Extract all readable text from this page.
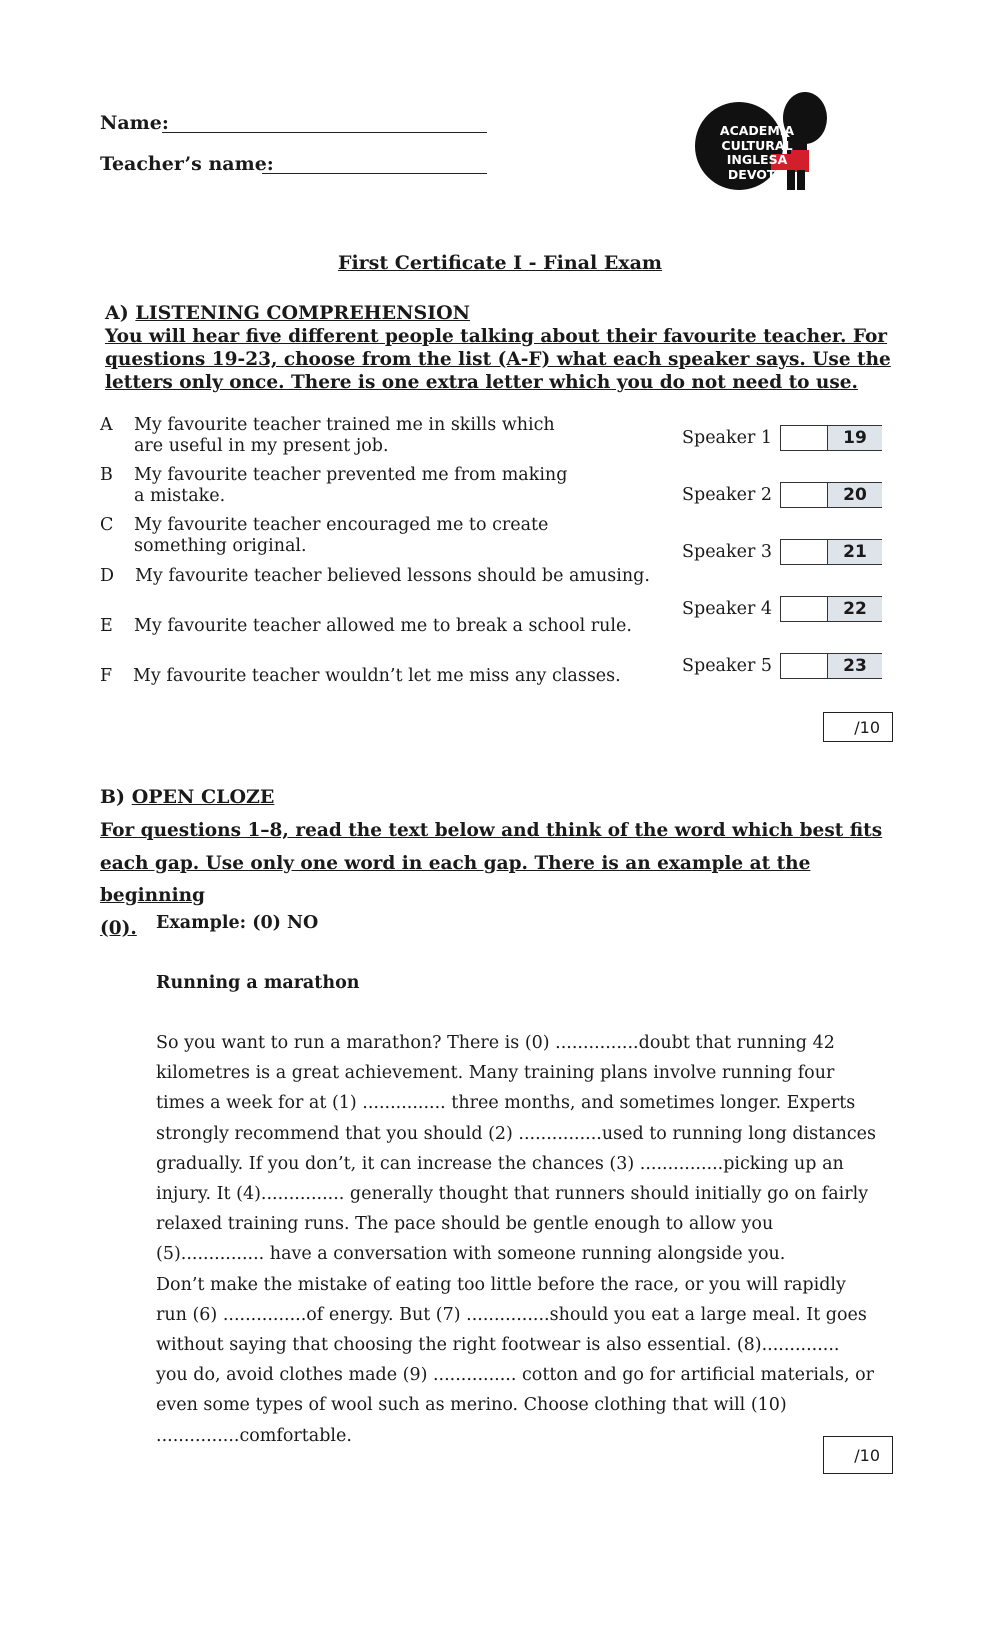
Name:
Teacher’s name:
ACADEMIA
CULTURAL
INGLESA
DEVOTO
First Certificate I - Final Exam
A) LISTENING COMPREHENSION
You will hear five different people talking about their favourite teacher. For
questions 19-23, choose from the list (A-F) what each speaker says. Use the
letters only once. There is one extra letter which you do not need to use.
A My favourite teacher trained me in skills which are useful in my present job.
B My favourite teacher prevented me from making a mistake.
C My favourite teacher encouraged me to create something original.
D My favourite teacher believed lessons should be amusing.
E My favourite teacher allowed me to break a school rule.
F My favourite teacher wouldn’t let me miss any classes.
Speaker 1	19
Speaker 2	20
Speaker 3	21
Speaker 4	22
Speaker 5	23
/10
B) OPEN CLOZE
For questions 1–8, read the text below and think of the word which best fits
each gap. Use only one word in each gap. There is an example at the beginning
(0).	Example: (0) NO
Running a marathon

So you want to run a marathon? There is (0) ...............doubt that running 42 kilometres is a great achievement. Many training plans involve running four times a week for at (1) ............... three months, and sometimes longer. Experts strongly recommend that you should (2) ...............used to running long distances gradually. If you don’t, it can increase the chances (3) ...............picking up an injury. It (4)............... generally thought that runners should initially go on fairly relaxed training runs. The pace should be gentle enough to allow you (5)............... have a conversation with someone running alongside you.

Don’t make the mistake of eating too little before the race, or you will rapidly run (6) ...............of energy. But (7) ...............should you eat a large meal. It goes without saying that choosing the right footwear is also essential. (8).............. you do, avoid clothes made (9) ............... cotton and go for artificial materials, or even some types of wool such as merino. Choose clothing that will (10) ...............comfortable.

/10
